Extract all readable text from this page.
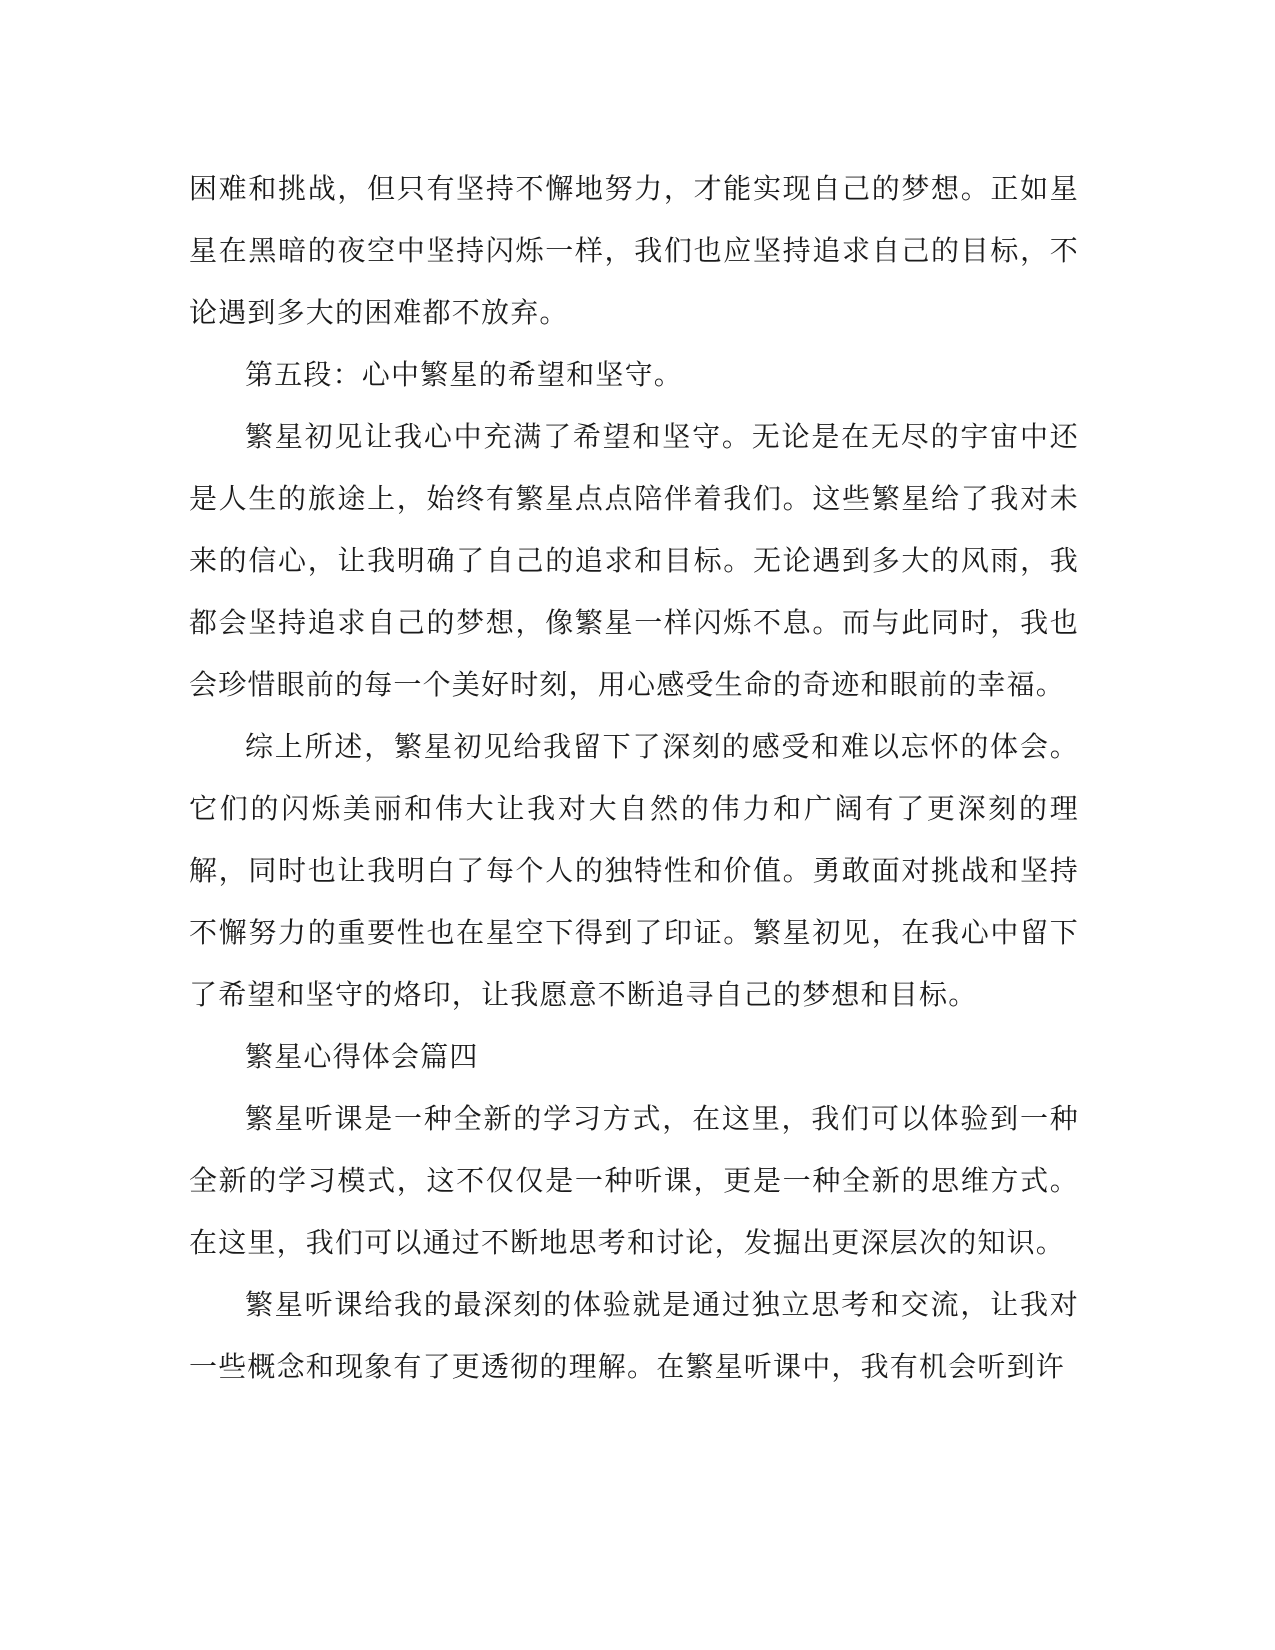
困难和挑战，但只有坚持不懈地努力，才能实现自己的梦想。正如星星在黑暗的夜空中坚持闪烁一样，我们也应坚持追求自己的目标，不论遇到多大的困难都不放弃。

第五段：心中繁星的希望和坚守。

繁星初见让我心中充满了希望和坚守。无论是在无尽的宇宙中还是人生的旅途上，始终有繁星点点陪伴着我们。这些繁星给了我对未来的信心，让我明确了自己的追求和目标。无论遇到多大的风雨，我都会坚持追求自己的梦想，像繁星一样闪烁不息。而与此同时，我也会珍惜眼前的每一个美好时刻，用心感受生命的奇迹和眼前的幸福。

综上所述，繁星初见给我留下了深刻的感受和难以忘怀的体会。它们的闪烁美丽和伟大让我对大自然的伟力和广阔有了更深刻的理解，同时也让我明白了每个人的独特性和价值。勇敢面对挑战和坚持不懈努力的重要性也在星空下得到了印证。繁星初见，在我心中留下了希望和坚守的烙印，让我愿意不断追寻自己的梦想和目标。

繁星心得体会篇四

繁星听课是一种全新的学习方式，在这里，我们可以体验到一种全新的学习模式，这不仅仅是一种听课，更是一种全新的思维方式。在这里，我们可以通过不断地思考和讨论，发掘出更深层次的知识。

繁星听课给我的最深刻的体验就是通过独立思考和交流，让我对一些概念和现象有了更透彻的理解。在繁星听课中，我有机会听到许
